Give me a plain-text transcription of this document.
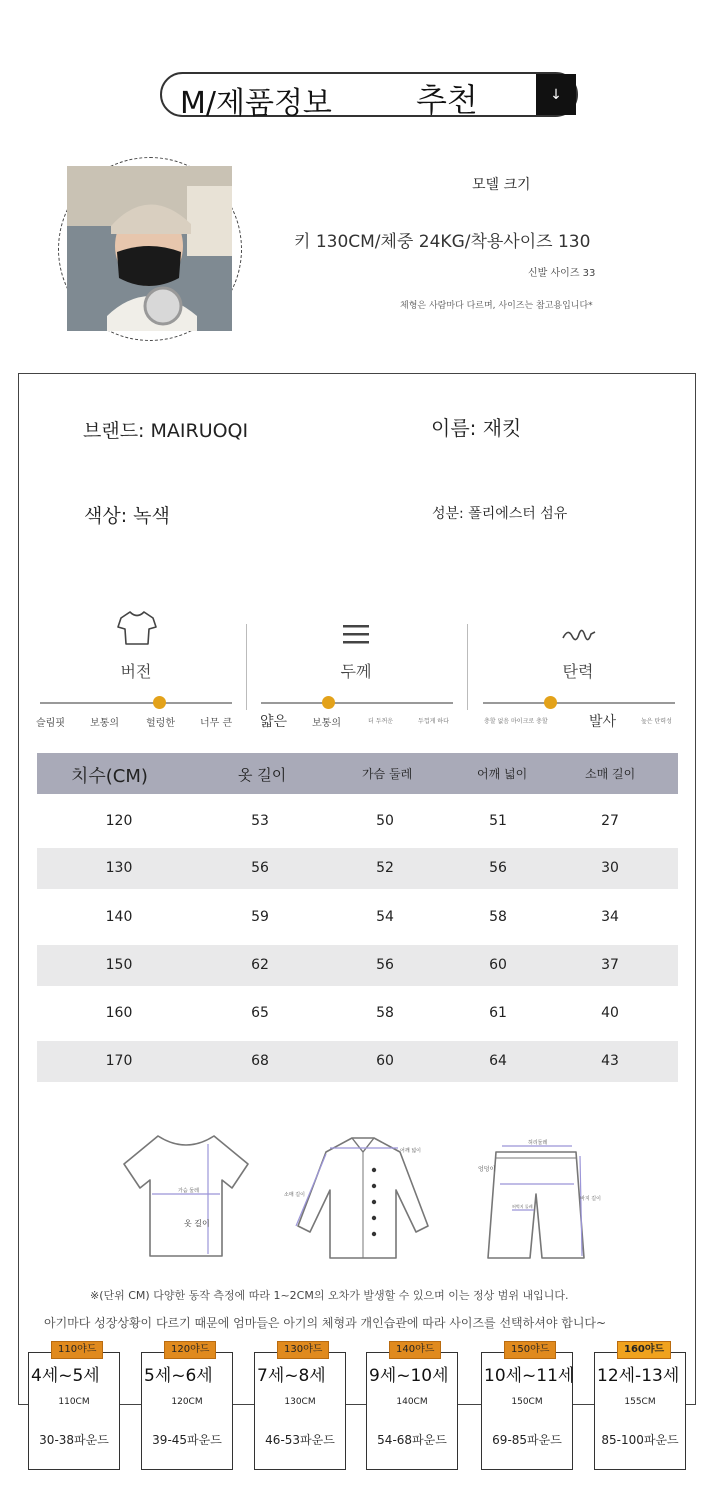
M/제품정보	추천	↓
모델 크기
키 130CM/체중 24KG/착용사이즈 130
신발 사이즈 33
체형은 사람마다 다르며, 사이즈는 참고용입니다*
브랜드: MAIRUOQI	이름: 재킷
색상: 녹색	성분: 폴리에스터 섬유
버전	두께	탄력
슬림핏	보통의	헐렁한	너무 큰 얇은 보통의	더 두꺼운	두껍게 하다	충할 없음 마이크로 충할	발사	높은 탄력성
치수(CM)	옷 길이	가슴 둘레	어깨 넓이	소매 길이
120	53	50	51	27
130	56	52	56	30
140	59	54	58	34
150	62	56	60	37
160	65	58	61	40
170	68	60	64	43
가슴 둘레
옷 길이
어깨 넓이
소매 길이
허리둘레
엉덩이
바지 길이
허벅지 둘레
※(단위 CM) 다양한 동작 측정에 따라 1~2CM의 오차가 발생할 수 있으며 이는 정상 범위 내입니다.
아기마다 성장상황이 다르기 때문에 엄마들은 아기의 체형과 개인습관에 따라 사이즈를 선택하셔야 합니다~
110야드
4세~5세
110CM
30-38파운드
120야드
5세~6세
120CM
39-45파운드
130야드
7세~8세
130CM
46-53파운드
140야드
9세~10세
140CM
54-68파운드
150야드
10세~11세
150CM
69-85파운드
160야드
12세-13세
155CM
85-100파운드
